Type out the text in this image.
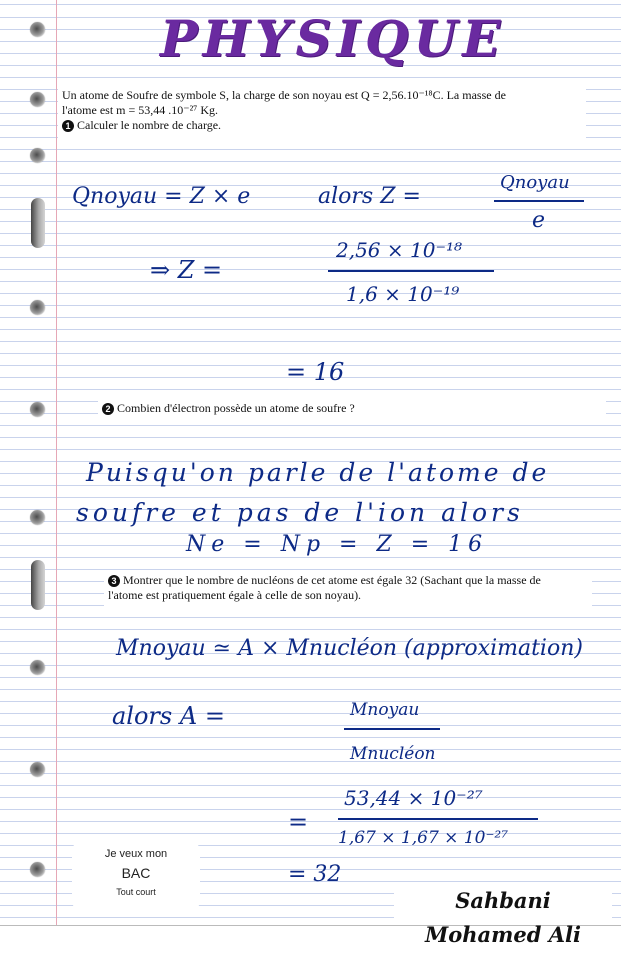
PHYSIQUE
Un atome de Soufre de symbole S, la charge de son noyau est Q = 2,56.10⁻¹⁸C. La masse de
l'atome est m = 53,44 .10⁻²⁷ Kg.
1 Calculer le nombre de charge.
Qnoyau = Z × e	alors Z =
Qnoyau
e
⇒ Z =
2,56 × 10⁻¹⁸
1,6 × 10⁻¹⁹
= 16
2 Combien d'électron possède un atome de soufre ?
Puisqu'on parle de l'atome de
soufre et pas de l'ion alors
Ne = Np = Z = 16
3 Montrer que le nombre de nucléons de cet atome est égale 32 (Sachant que la masse de
l'atome est pratiquement égale à celle de son noyau).
Mnoyau ≃ A × Mnucléon (approximation)
alors A =	Mnoyau
Mnucléon
=
53,44 × 10⁻²⁷
1,67 × 1,67 × 10⁻²⁷
= 32
Je veux mon
BAC
Tout court	Sahbani Mohamed Ali
